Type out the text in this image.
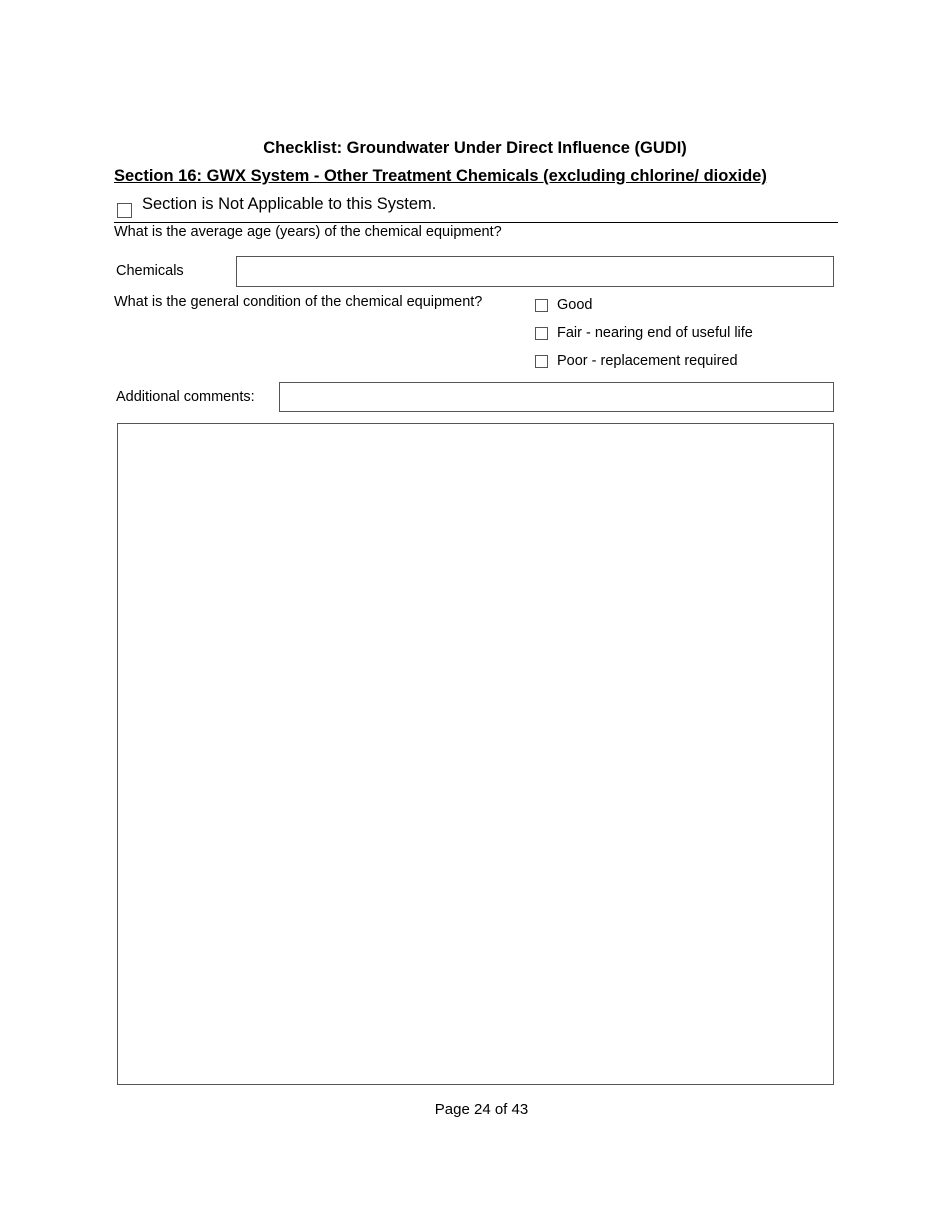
Checklist: Groundwater Under Direct Influence (GUDI)
Section 16: GWX System - Other Treatment Chemicals (excluding chlorine/ dioxide)
Section is Not Applicable to this System.
What is the average age (years) of the chemical equipment?
Chemicals
What is the general condition of the chemical equipment?	Good
Fair - nearing end of useful life
Poor - replacement required
Additional comments:
Page 24 of 43
